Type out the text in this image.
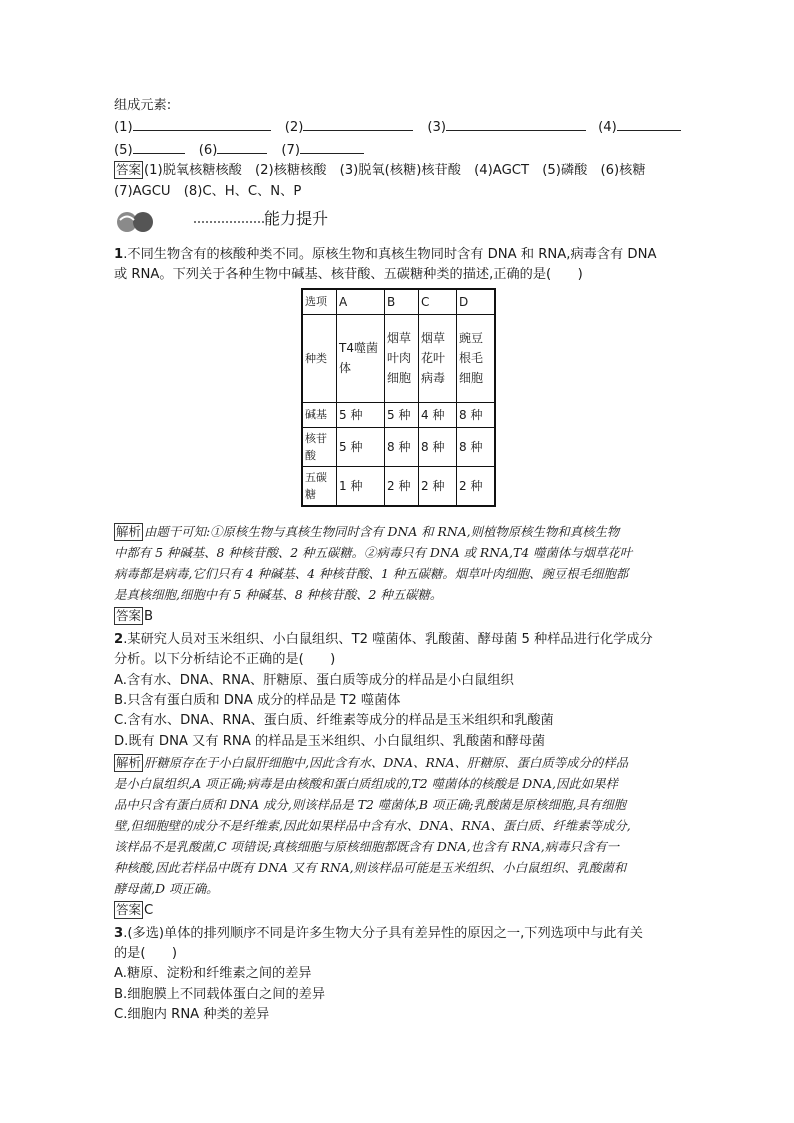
组成元素:
(1)	(2)	(3)	(4)
(5)	(6)	(7)
答案 (1)脱氧核糖核酸　(2)核糖核酸　(3)脱氧(核糖)核苷酸　(4)AGCT　(5)磷酸　(6)核糖
(7)AGCU　(8)C、H、C、N、P
能力提升
1.不同生物含有的核酸种类不同。原核生物和真核生物同时含有 DNA 和 RNA,病毒含有 DNA
或 RNA。下列关于各种生物中碱基、核苷酸、五碳糖种类的描述,正确的是(　　)
选项	A	B	C	D
种类	T4噬菌体	烟草叶肉细胞	烟草花叶病毒	豌豆根毛细胞
碱基	5 种	5 种	4 种	8 种
核苷酸	5 种	8 种	8 种	8 种
五碳糖	1 种	2 种	2 种	2 种
解析 由题干可知:①原核生物与真核生物同时含有 DNA 和 RNA,则植物原核生物和真核生物
中都有 5 种碱基、8 种核苷酸、2 种五碳糖。②病毒只有 DNA 或 RNA,T4 噬菌体与烟草花叶
病毒都是病毒,它们只有 4 种碱基、4 种核苷酸、1 种五碳糖。烟草叶肉细胞、豌豆根毛细胞都
是真核细胞,细胞中有 5 种碱基、8 种核苷酸、2 种五碳糖。
答案 B
2.某研究人员对玉米组织、小白鼠组织、T2 噬菌体、乳酸菌、酵母菌 5 种样品进行化学成分
分析。以下分析结论不正确的是(　　)
A.含有水、DNA、RNA、肝糖原、蛋白质等成分的样品是小白鼠组织
B.只含有蛋白质和 DNA 成分的样品是 T2 噬菌体
C.含有水、DNA、RNA、蛋白质、纤维素等成分的样品是玉米组织和乳酸菌
D.既有 DNA 又有 RNA 的样品是玉米组织、小白鼠组织、乳酸菌和酵母菌
解析 肝糖原存在于小白鼠肝细胞中,因此含有水、DNA、RNA、肝糖原、蛋白质等成分的样品
是小白鼠组织,A 项正确;病毒是由核酸和蛋白质组成的,T2 噬菌体的核酸是 DNA,因此如果样
品中只含有蛋白质和 DNA 成分,则该样品是 T2 噬菌体,B 项正确;乳酸菌是原核细胞,具有细胞
壁,但细胞壁的成分不是纤维素,因此如果样品中含有水、DNA、RNA、蛋白质、纤维素等成分,
该样品不是乳酸菌,C 项错误;真核细胞与原核细胞都既含有 DNA,也含有 RNA,病毒只含有一
种核酸,因此若样品中既有 DNA 又有 RNA,则该样品可能是玉米组织、小白鼠组织、乳酸菌和
酵母菌,D 项正确。
答案 C
3.(多选)单体的排列顺序不同是许多生物大分子具有差异性的原因之一,下列选项中与此有关
的是(　　)
A.糖原、淀粉和纤维素之间的差异
B.细胞膜上不同载体蛋白之间的差异
C.细胞内 RNA 种类的差异
